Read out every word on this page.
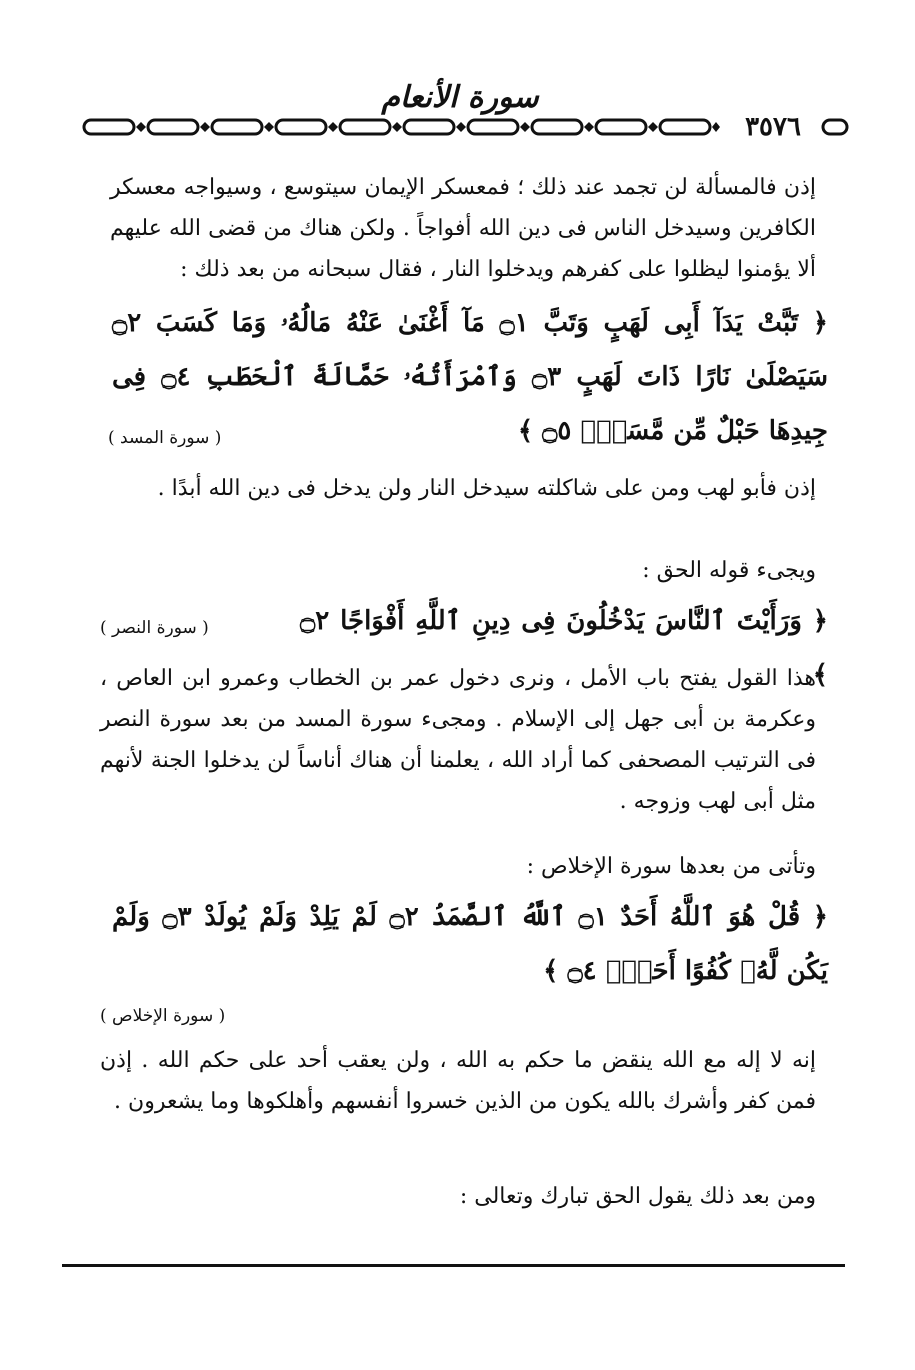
سورة الأنعام
٣٥٧٦
إذن فالمسألة لن تجمد عند ذلك ؛ فمعسكر الإيمان سيتوسع ، وسيواجه معسكر الكافرين وسيدخل الناس فى دين الله أفواجاً . ولكن هناك من قضى الله عليهم ألا يؤمنوا ليظلوا على كفرهم ويدخلوا النار ، فقال سبحانه من بعد ذلك :
﴿ تَبَّتْ يَدَآ أَبِى لَهَبٍ وَتَبَّ ۝١ مَآ أَغْنَىٰ عَنْهُ مَالُهُۥ وَمَا كَسَبَ ۝٢ سَيَصْلَىٰ نَارًا ذَاتَ لَهَبٍ ۝٣ وَٱمْرَأَتُهُۥ حَمَّالَةَ ٱلْحَطَبِ ۝٤ فِى جِيدِهَا حَبْلٌ مِّن مَّسَدٍۭ ۝٥ ﴾
( سورة المسد )
إذن فأبو لهب ومن على شاكلته سيدخل النار ولن يدخل فى دين الله أبدًا .
ويجىء قوله الحق :
﴿ وَرَأَيْتَ ٱلنَّاسَ يَدْخُلُونَ فِى دِينِ ٱللَّهِ أَفْوَاجًا ۝٢ ﴾
( سورة النصر )
هذا القول يفتح باب الأمل ، ونرى دخول عمر بن الخطاب وعمرو ابن العاص ، وعكرمة بن أبى جهل إلى الإسلام . ومجىء سورة المسد من بعد سورة النصر فى الترتيب المصحفى كما أراد الله ، يعلمنا أن هناك أناساً لن يدخلوا الجنة لأنهم مثل أبى لهب وزوجه .
وتأتى من بعدها سورة الإخلاص :
﴿ قُلْ هُوَ ٱللَّهُ أَحَدٌ ۝١ ٱللَّهُ ٱلصَّمَدُ ۝٢ لَمْ يَلِدْ وَلَمْ يُولَدْ ۝٣ وَلَمْ يَكُن لَّهُۥ كُفُوًا أَحَدٌۢ ۝٤ ﴾
( سورة الإخلاص )
إنه لا إله مع الله ينقض ما حكم به الله ، ولن يعقب أحد على حكم الله . إذن فمن كفر وأشرك بالله يكون من الذين خسروا أنفسهم وأهلكوها وما يشعرون .
ومن بعد ذلك يقول الحق تبارك وتعالى :
